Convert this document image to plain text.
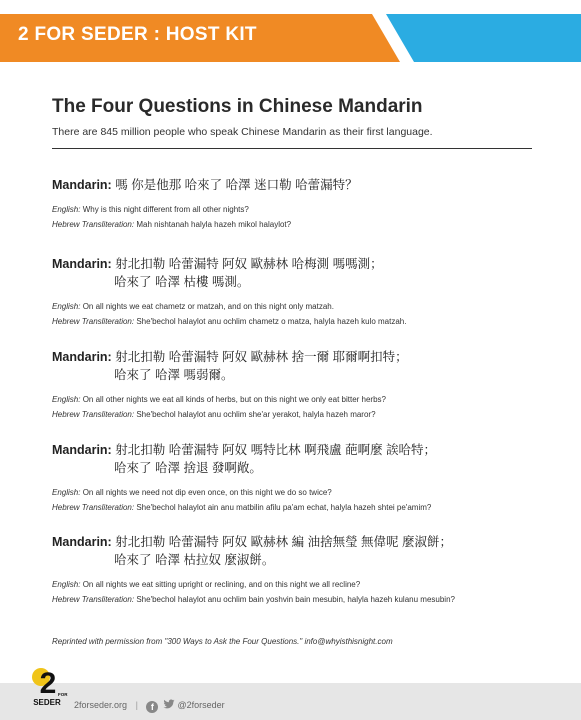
2 FOR SEDER : HOST KIT
The Four Questions in Chinese Mandarin
There are 845 million people who speak Chinese Mandarin as their first language.
Mandarin: 嗎 你是他那 哈來了 哈澤 迷口勒 哈蕾漏特？
English: Why is this night different from all other nights?
Hebrew Transliteration: Mah nishtanah halyla hazeh mikol halaylot?
Mandarin: 射北扣勒 哈蕾漏特 阿奴 歐赫林 哈梅測 嗎嗎測；
哈來了 哈澤 枯樓 嗎測。
English: On all nights we eat chametz or matzah, and on this night only matzah.
Hebrew Transliteration: She'bechol halaylot anu ochlim chametz o matza, halyla hazeh kulo matzah.
Mandarin: 射北扣勒 哈蕾漏特 阿奴 歐赫林 捨一爾 耶爾啊扣特；
哈來了 哈澤 嗎弱爾。
English: On all other nights we eat all kinds of herbs, but on this night we only eat bitter herbs?
Hebrew Transliteration: She'bechol halaylot anu ochlim she'ar yerakot, halyla hazeh maror?
Mandarin: 射北扣勒 哈蕾漏特 阿奴 嗎特比林 啊飛盧 葩啊麼 誒哈特；
哈來了 哈澤 捨退 發啊敞。
English: On all nights we need not dip even once, on this night we do so twice?
Hebrew Transliteration: She'bechol halaylot ain anu matbilin afilu pa'am echat, halyla hazeh shtei pe'amim?
Mandarin: 射北扣勒 哈蕾漏特 阿奴 歐赫林 編 油捨無瑩 無偉呢 麼淑餅；
哈來了 哈澤 枯拉奴 麼淑餅。
English: On all nights we eat sitting upright or reclining, and on this night we all recline?
Hebrew Transliteration: She'bechol halaylot anu ochlim bain yoshvin bain mesubin, halyla hazeh kulanu mesubin?
Reprinted with permission from "300 Ways to Ask the Four Questions." info@whyisthisnight.com
2 FOR
SEDER 2forseder.org | f	@2forseder
